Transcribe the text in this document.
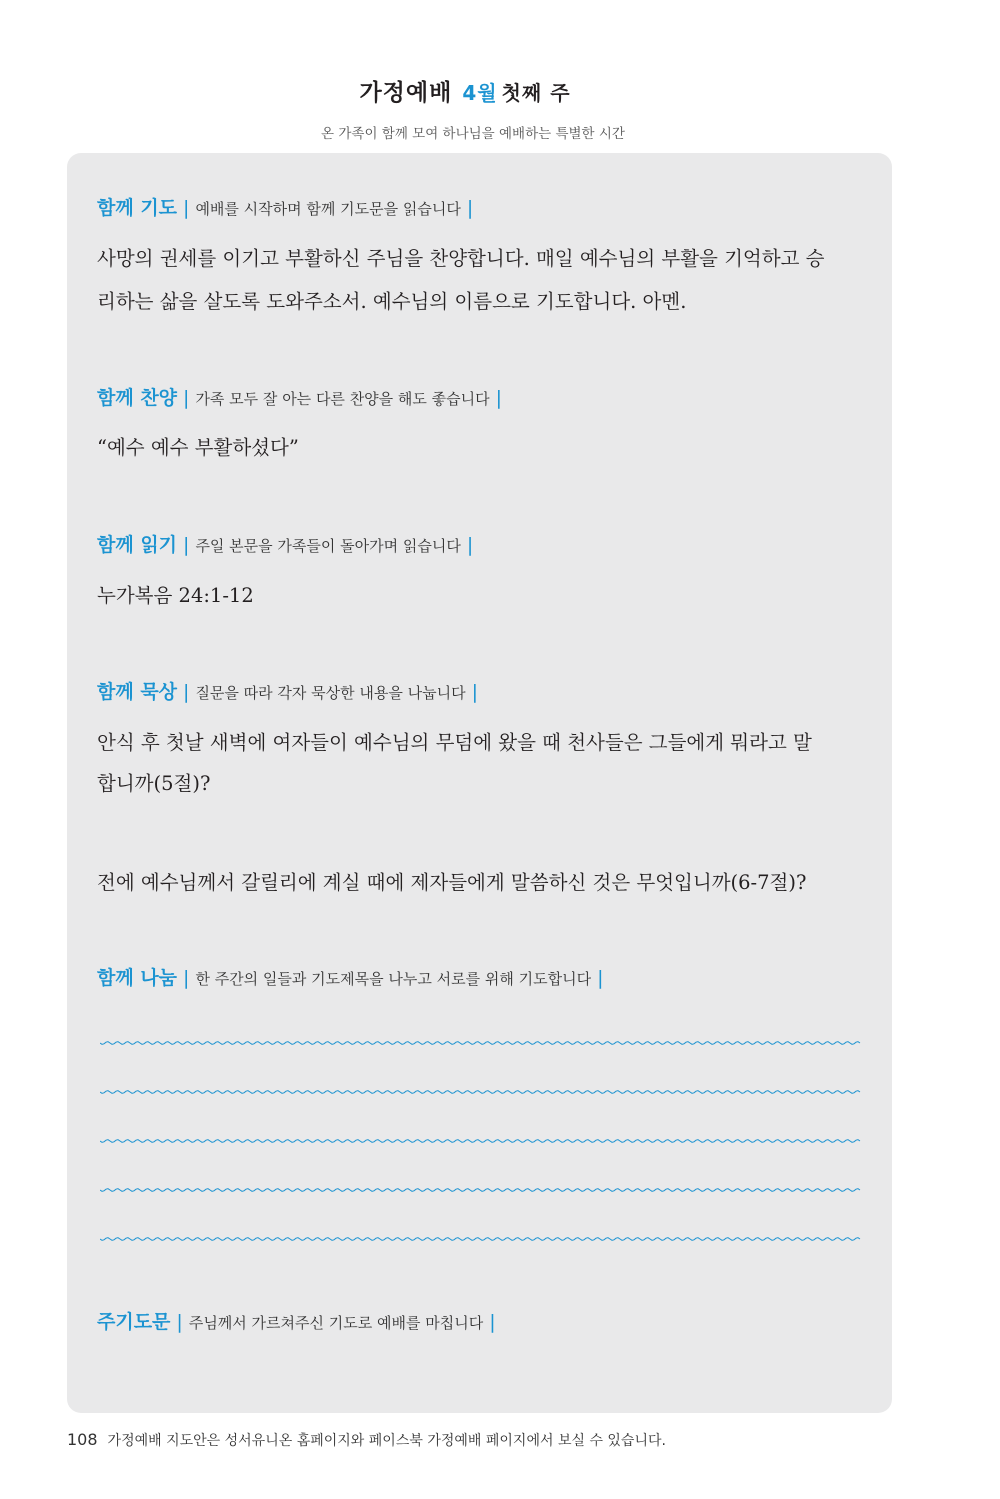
가정예배 4월 첫째 주
온 가족이 함께 모여 하나님을 예배하는 특별한 시간
함께 기도 | 예배를 시작하며 함께 기도문을 읽습니다 |
사망의 권세를 이기고 부활하신 주님을 찬양합니다. 매일 예수님의 부활을 기억하고 승
리하는 삶을 살도록 도와주소서. 예수님의 이름으로 기도합니다. 아멘.
함께 찬양 | 가족 모두 잘 아는 다른 찬양을 해도 좋습니다 |
“예수 예수 부활하셨다”
함께 읽기 | 주일 본문을 가족들이 돌아가며 읽습니다 |
누가복음 24:1-12
함께 묵상 | 질문을 따라 각자 묵상한 내용을 나눕니다 |
안식 후 첫날 새벽에 여자들이 예수님의 무덤에 왔을 때 천사들은 그들에게 뭐라고 말
합니까(5절)?
전에 예수님께서 갈릴리에 계실 때에 제자들에게 말씀하신 것은 무엇입니까(6-7절)?
함께 나눔 | 한 주간의 일들과 기도제목을 나누고 서로를 위해 기도합니다 |
주기도문 | 주님께서 가르쳐주신 기도로 예배를 마칩니다 |
108 가정예배 지도안은 성서유니온 홈페이지와 페이스북 가정예배 페이지에서 보실 수 있습니다.
